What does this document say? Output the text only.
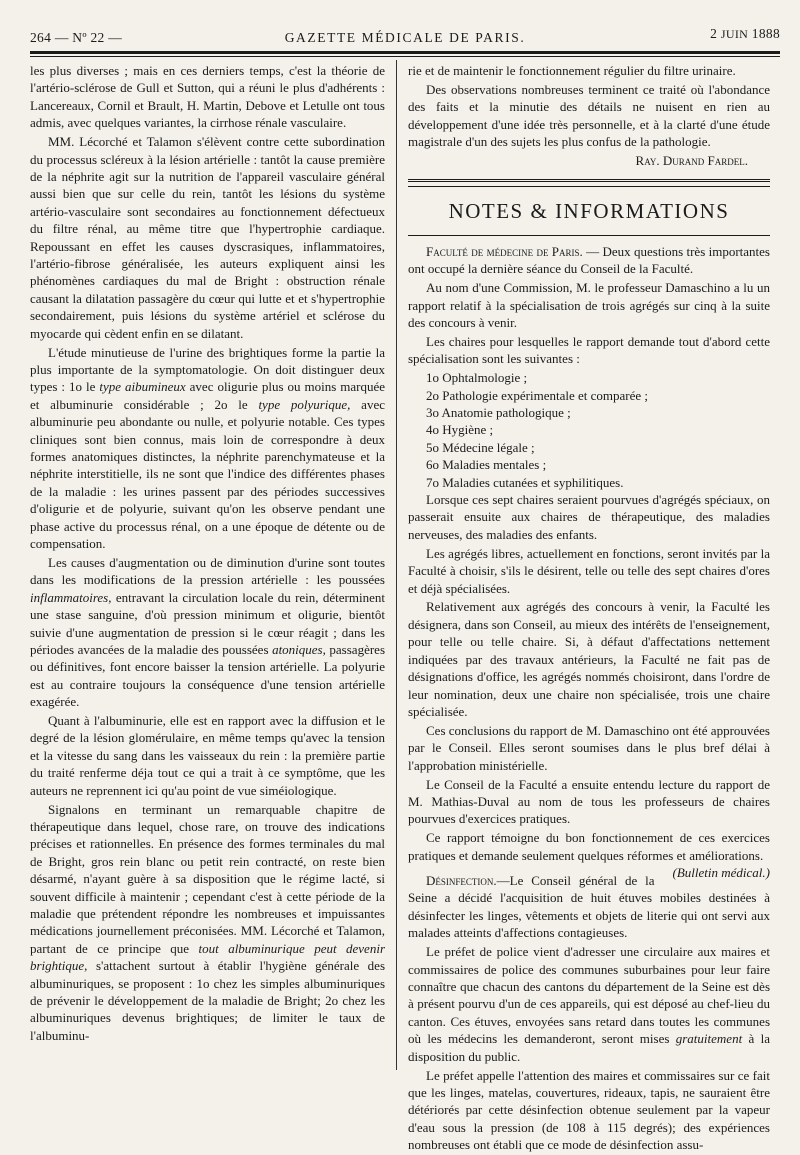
264 — Nº 22 —	GAZETTE MÉDICALE DE PARIS.	2 JUIN 1888

les plus diverses ; mais en ces derniers temps, c'est la théorie de l'artério-sclérose de Gull et Sutton, qui a réuni le plus d'adhérents : Lancereaux, Cornil et Brault, H. Martin, Debove et Letulle ont tous admis, avec quelques variantes, la cirrhose rénale vasculaire.

MM. Lécorché et Talamon s'élèvent contre cette subordination du processus scléreux à la lésion artérielle : tantôt la cause première de la néphrite agit sur la nutrition de l'appareil vasculaire général aussi bien que sur celle du rein, tantôt les lésions du système artério-vasculaire sont secondaires au fonctionnement défectueux du filtre rénal, au même titre que l'hypertrophie cardiaque. Repoussant en effet les causes dyscrasiques, inflammatoires, l'artério-fibrose généralisée, les auteurs expliquent ainsi les phénomènes cardiaques du mal de Bright : obstruction rénale causant la dilatation passagère du cœur qui lutte et et s'hypertrophie secondairement, puis lésions du système artériel et sclérose du myocarde qui cèdent enfin en se dilatant.

L'étude minutieuse de l'urine des brightiques forme la partie la plus importante de la symptomatologie. On doit distinguer deux types : 1o le type aibumineux avec oligurie plus ou moins marquée et albuminurie considérable ; 2o le type polyurique, avec albuminurie peu abondante ou nulle, et polyurie notable. Ces types cliniques sont bien connus, mais loin de correspondre à deux formes anatomiques distinctes, la néphrite parenchymateuse et la néphrite interstitielle, ils ne sont que l'indice des différentes phases de la maladie : les urines passent par des périodes successives d'oligurie et de polyurie, suivant qu'on les observe pendant une phase active du processus rénal, on a une époque de détente ou de compensation.

Les causes d'augmentation ou de diminution d'urine sont toutes dans les modifications de la pression artérielle : les poussées inflammatoires, entravant la circulation locale du rein, déterminent une stase sanguine, d'où pression minimum et oligurie, bientôt suivie d'une augmentation de pression si le cœur réagit ; dans les périodes avancées de la maladie des poussées atoniques, passagères ou définitives, font encore baisser la tension artérielle. La polyurie est au contraire toujours la conséquence d'une tension artérielle exagérée.

Quant à l'albuminurie, elle est en rapport avec la diffusion et le degré de la lésion glomérulaire, en même temps qu'avec la tension et la vitesse du sang dans les vaisseaux du rein : la première partie du traité renferme déja tout ce qui a trait à ce symptôme, que les auteurs ne reprennent ici qu'au point de vue siméiologique.

Signalons en terminant un remarquable chapitre de thérapeutique dans lequel, chose rare, on trouve des indications précises et rationnelles. En présence des formes terminales du mal de Bright, gros rein blanc ou petit rein contracté, on reste bien désarmé, n'ayant guère à sa disposition que le régime lacté, si souvent difficile à maintenir ; cependant c'est à cette période de la maladie que prétendent répondre les nombreuses et impuissantes médications journellement préconisées. MM. Lécorché et Talamon, partant de ce principe que tout albuminurique peut devenir brightique, s'attachent surtout à établir l'hygiène générale des albuminuriques, se proposent : 1o chez les simples albuminuriques de prévenir le développement de la maladie de Bright; 2o chez les albuminuriques devenus brightiques; de limiter le taux de l'albuminu-

rie et de maintenir le fonctionnement régulier du filtre urinaire.

Des observations nombreuses terminent ce traité où l'abondance des faits et la minutie des détails ne nuisent en rien au développement d'une idée très personnelle, et à la clarté d'une étude magistrale d'un des sujets les plus confus de la pathologie.

Ray. Durand Fardel.
NOTES & INFORMATIONS

Faculté de médecine de Paris. — Deux questions très importantes ont occupé la dernière séance du Conseil de la Faculté.

Au nom d'une Commission, M. le professeur Damaschino a lu un rapport relatif à la spécialisation de trois agrégés sur cinq à la suite des concours à venir.

Les chaires pour lesquelles le rapport demande tout d'abord cette spécialisation sont les suivantes :

1o Ophtalmologie ;
2o Pathologie expérimentale et comparée ;
3o Anatomie pathologique ;
4o Hygiène ;
5o Médecine légale ;
6o Maladies mentales ;
7o Maladies cutanées et syphilitiques.

Lorsque ces sept chaires seraient pourvues d'agrégés spéciaux, on passerait ensuite aux chaires de thérapeutique, des maladies nerveuses, des maladies des enfants.

Les agrégés libres, actuellement en fonctions, seront invités par la Faculté à choisir, s'ils le désirent, telle ou telle des sept chaires d'ores et déjà spécialisées.

Relativement aux agrégés des concours à venir, la Faculté les désignera, dans son Conseil, au mieux des intérêts de l'enseignement, pour telle ou telle chaire. Si, à défaut d'affectations nettement indiquées par des travaux antérieurs, la Faculté ne fait pas de désignations d'office, les agrégés nommés choisiront, dans l'ordre de leur nomination, deux une chaire non spécialisée, trois une chaire spécialisée.

Ces conclusions du rapport de M. Damaschino ont été approuvées par le Conseil. Elles seront soumises dans le plus bref délai à l'approbation ministérielle.

Le Conseil de la Faculté a ensuite entendu lecture du rapport de M. Mathias-Duval au nom de tous les professeurs de chaires pourvues d'exercices pratiques.

Ce rapport témoigne du bon fonctionnement de ces exercices pratiques et demande seulement quelques réformes et améliorations.
(Bulletin médical.)

Désinfection.—Le Conseil général de la Seine a décidé l'acquisition de huit étuves mobiles destinées à désinfecter les linges, vêtements et objets de literie qui ont servi aux malades atteints d'affections contagieuses.

Le préfet de police vient d'adresser une circulaire aux maires et commissaires de police des communes suburbaines pour leur faire connaître que chacun des cantons du département de la Seine est dès à présent pourvu d'un de ces appareils, qui est déposé au chef-lieu du canton. Ces étuves, envoyées sans retard dans toutes les communes où les médecins les demanderont, seront mises gratuitement à la disposition du public.

Le préfet appelle l'attention des maires et commissaires sur ce fait que les linges, matelas, couvertures, rideaux, tapis, ne sauraient être détériorés par cette désinfection obtenue seulement par la vapeur d'eau sous la pression (de 108 à 115 degrés); des expériences nombreuses ont établi que ce mode de désinfection assu-
